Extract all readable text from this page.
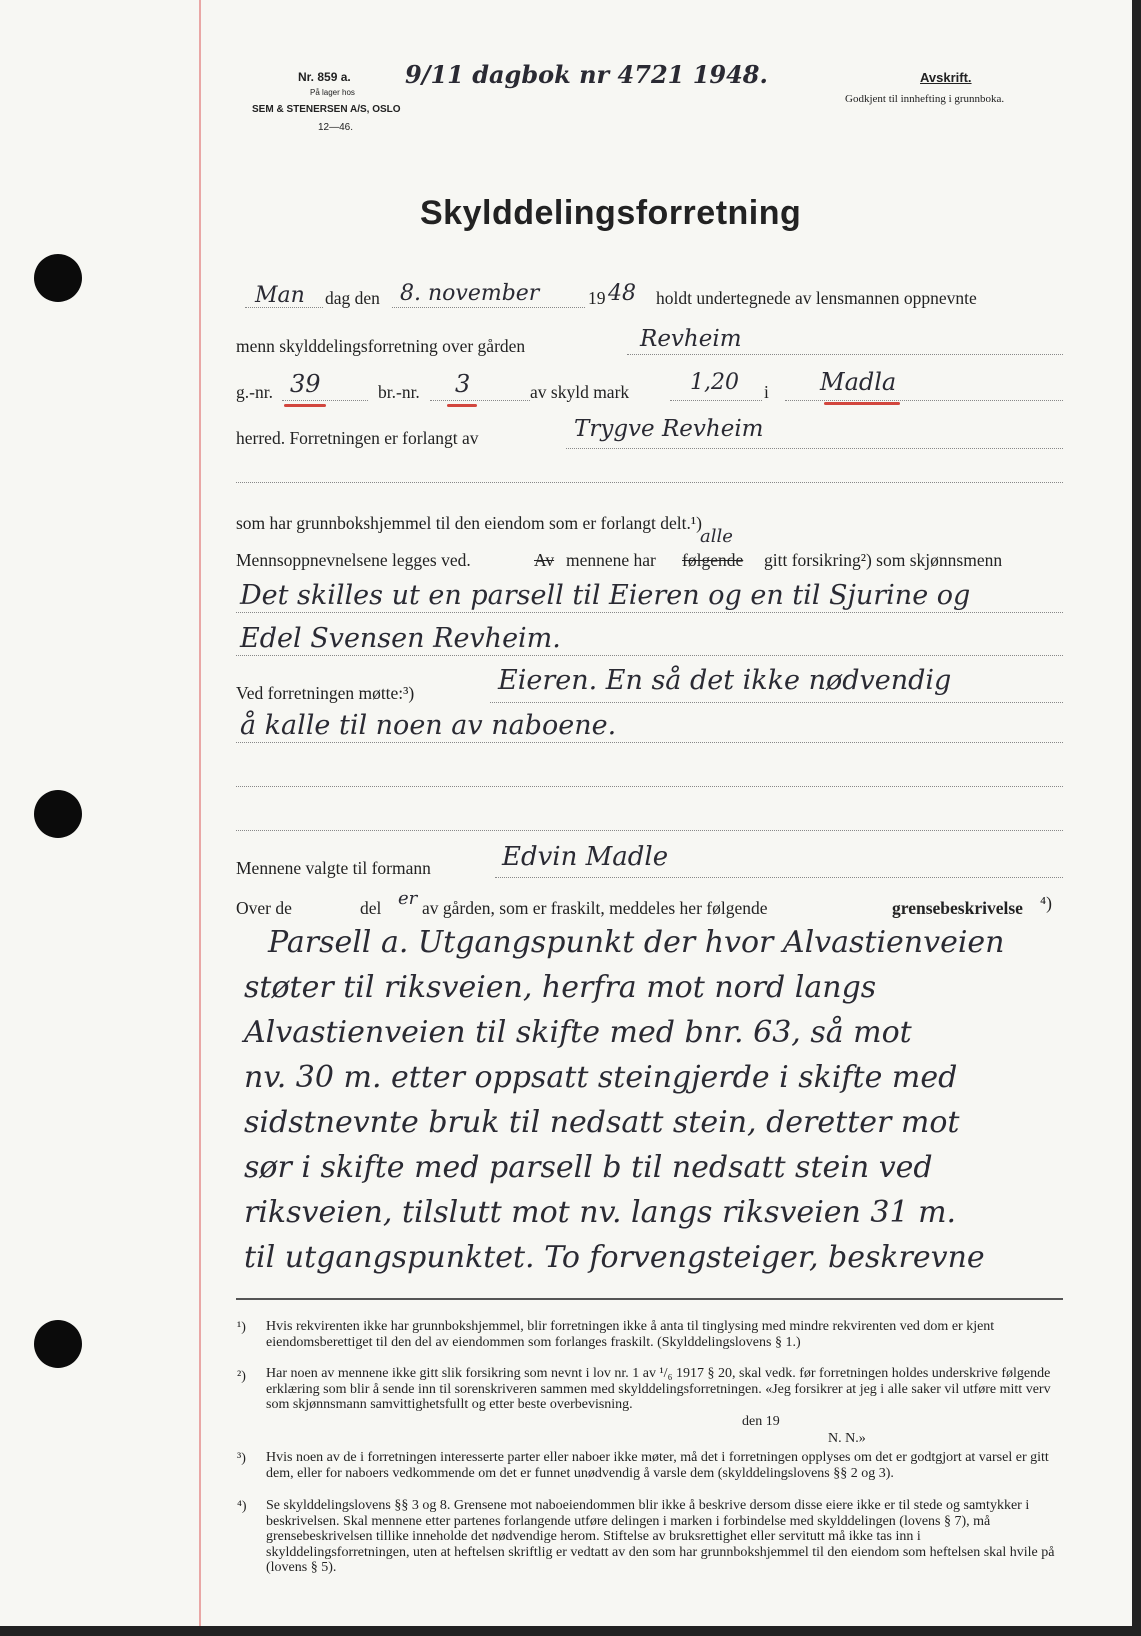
Nr. 859 a.
På lager hos
SEM & STENERSEN A/S, OSLO
12—46.
9/11 dagbok nr 4721 1948.	Avskrift.
Godkjent til innhefting i grunnboka.
Skylddelingsforretning
Man dag den 8. november	19 48 holdt undertegnede av lensmannen oppnevnte
menn skylddelingsforretning over gården	Revheim
g.-nr. 39	br.-nr. 3	av skyld mark	1,20 i Madla
herred. Forretningen er forlangt av	Trygve Revheim
som har grunnbokshjemmel til den eiendom som er forlangt delt.¹)
Mennsoppnevnelsene legges ved.	Av mennene har følgende
alle
gitt forsikring²) som skjønnsmenn
Det skilles ut en parsell til Eieren og en til Sjurine og
Edel Svensen Revheim.
Ved forretningen møtte:³)	Eieren. En så det ikke nødvendig
å kalle til noen av naboene.
Mennene valgte til formann	Edvin Madle
Over de	del er av gården, som er fraskilt, meddeles her følgende	grensebeskrivelse ⁴)
Parsell a. Utgangspunkt der hvor Alvastienveien
støter til riksveien, herfra mot nord langs
Alvastienveien til skifte med bnr. 63, så mot
nv. 30 m. etter oppsatt steingjerde i skifte med
sidstnevnte bruk til nedsatt stein, deretter mot
sør i skifte med parsell b til nedsatt stein ved
riksveien, tilslutt mot nv. langs riksveien 31 m.
til utgangspunktet. To forvengsteiger, beskrevne
¹) Hvis rekvirenten ikke har grunnbokshjemmel, blir forretningen ikke å anta til tinglysing med mindre rekvirenten ved dom er kjent eiendomsberettiget til den del av eiendommen som forlanges fraskilt. (Skylddelingslovens § 1.)
²) Har noen av mennene ikke gitt slik forsikring som nevnt i lov nr. 1 av ¹/₆ 1917 § 20, skal vedk. før forretningen holdes underskrive følgende erklæring som blir å sende inn til sorenskriveren sammen med skylddelingsforretningen. «Jeg forsikrer at jeg i alle saker vil utføre mitt verv som skjønnsmann samvittighetsfullt og etter beste overbevisning.
den 19
N. N.»
³) Hvis noen av de i forretningen interesserte parter eller naboer ikke møter, må det i forretningen opplyses om det er godtgjort at varsel er gitt dem, eller for naboers vedkommende om det er funnet unødvendig å varsle dem (skylddelingslovens §§ 2 og 3).
⁴) Se skylddelingslovens §§ 3 og 8. Grensene mot naboeiendommen blir ikke å beskrive dersom disse eiere ikke er til stede og samtykker i beskrivelsen. Skal mennene etter partenes forlangende utføre delingen i marken i forbindelse med skylddelingen (lovens § 7), må grensebeskrivelsen tillike inneholde det nødvendige herom. Stiftelse av bruksrettighet eller servitutt må ikke tas inn i skylddelingsforretningen, uten at heftelsen skriftlig er vedtatt av den som har grunnbokshjemmel til den eiendom som heftelsen skal hvile på (lovens § 5).
